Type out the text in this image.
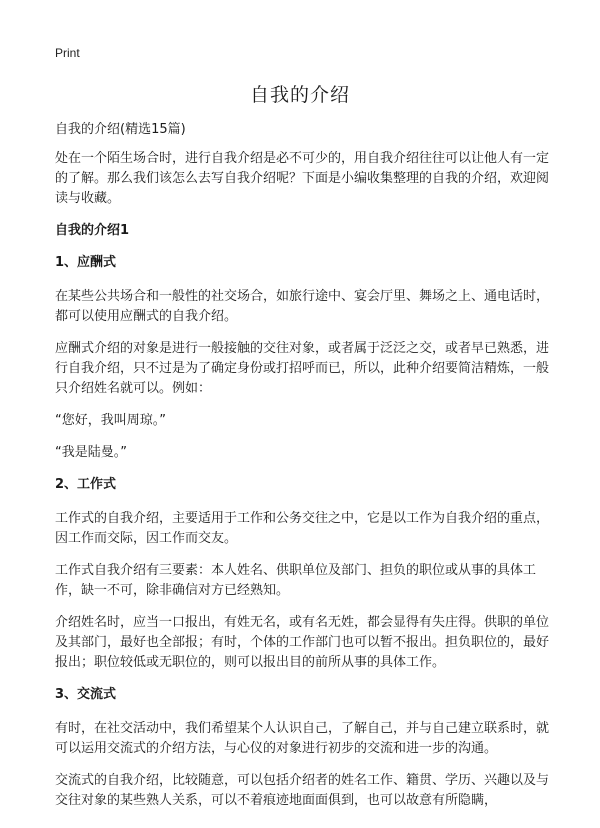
Print
自我的介绍

自我的介绍(精选15篇)

处在一个陌生场合时，进行自我介绍是必不可少的，用自我介绍往往可以让他人有一定的了解。那么我们该怎么去写自我介绍呢？下面是小编收集整理的自我的介绍，欢迎阅读与收藏。

自我的介绍1

1、应酬式

在某些公共场合和一般性的社交场合，如旅行途中、宴会厅里、舞场之上、通电话时，都可以使用应酬式的自我介绍。

应酬式介绍的对象是进行一般接触的交往对象，或者属于泛泛之交，或者早已熟悉，进行自我介绍，只不过是为了确定身份或打招呼而已，所以，此种介绍要简洁精炼，一般只介绍姓名就可以。例如：

“您好，我叫周琼。”

“我是陆曼。”

2、工作式

工作式的自我介绍，主要适用于工作和公务交往之中，它是以工作为自我介绍的重点，因工作而交际，因工作而交友。

工作式自我介绍有三要素：本人姓名、供职单位及部门、担负的职位或从事的具体工作，缺一不可，除非确信对方已经熟知。

介绍姓名时，应当一口报出，有姓无名，或有名无姓，都会显得有失庄得。供职的单位及其部门，最好也全部报；有时，个体的工作部门也可以暂不报出。担负职位的，最好报出；职位较低或无职位的，则可以报出目的前所从事的具体工作。

3、交流式

有时，在社交活动中，我们希望某个人认识自己，了解自己，并与自己建立联系时，就可以运用交流式的介绍方法，与心仪的对象进行初步的交流和进一步的沟通。

交流式的自我介绍，比较随意，可以包括介绍者的姓名工作、籍贯、学历、兴趣以及与交往对象的某些熟人关系，可以不着痕迹地面面俱到，也可以故意有所隐瞒，
